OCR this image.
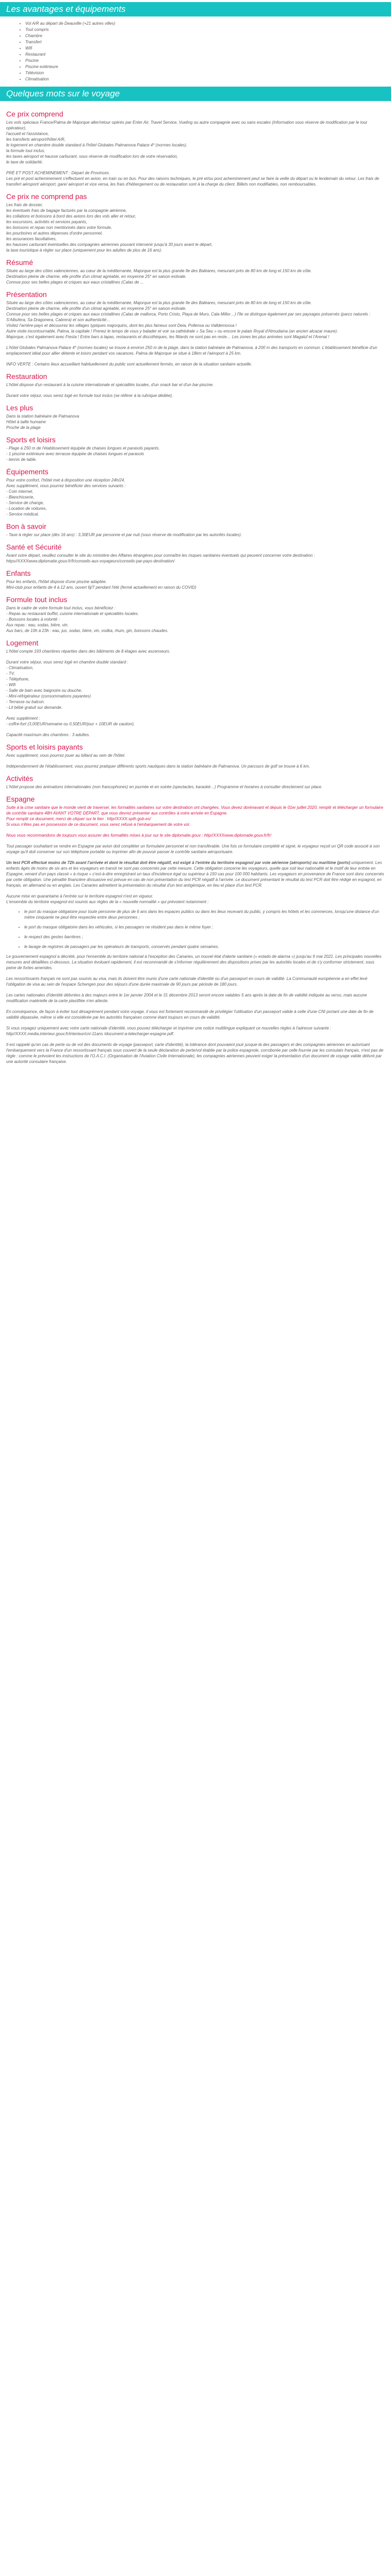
Les avantages et équipements
• Vol A/R au départ de Deauville (+21 autres villes)
• Tout compris
• Chambre
• Transfert
• Wifi
• Restaurant
• Piscine
• Piscine extérieure
• Télévision
• Climatisation
Quelques mots sur le voyage
Ce prix comprend

Les vols spéciaux France/Palma de Majorque aller/retour opérés par Enter Air, Travel Service, Vueling ou autre compagnie avec ou sans escales (Information sous réserve de modification par le tour opérateur),
l'accueil et l'assistance,
les transferts aéroport/hôtel A/R,
le logement en chambre double standard à l'hôtel Globales Palmanova Palace 4* (normes locales),
la formule tout inclus,
les taxes aéroport et hausse carburant, sous réserve de modification lors de votre réservation,
le taxe de solidarité.

PRÉ ET POST ACHEMINEMENT : Départ de Provinces.
Les pré et post acheminement s'effectuent en avion, en train ou en bus. Pour des raisons techniques, le pré et/ou post acheminement peut se faire la veille du départ ou le lendemain du retour. Les frais de transfert aéroport/ aéroport, gare/ aéroport et vice versa, les frais d'hébergement ou de restauration sont à la charge du client. Billets non modifiables, non remboursables.

Ce prix ne comprend pas

Les frais de dossier,
les éventuels frais de bagage facturés par la compagnie aérienne,
les collations et boissons à bord des avions lors des vols aller et retour,
les excursions, activités et services payants,
les boissons et repas non mentionnés dans votre formule,
les pourboires et autres dépenses d'ordre personnel,
les assurances facultatives,
les hausses carburant éventuelles des compagnies aériennes pouvant intervenir jusqu'à 30 jours avant le départ,
la taxe touristique à régler sur place (uniquement pour les adultes de plus de 16 ans).

Résumé

Située au large des côtes valenciennes, au cœur de la méditerranée, Majorque est la plus grande île des Baléares, mesurant près de 80 km de long et 150 km de côte.
Destination pleine de charme, elle profite d'un climat agréable, en moyenne 25° en saison estivale.
Connue pour ses belles plages et criques aux eaux cristallines (Calas de ...

Présentation

Située au large des côtes valenciennes, au cœur de la méditerranée, Majorque est la plus grande île des Baléares, mesurant près de 80 km de long et 150 km de côte.
Destination pleine de charme, elle profite d'un climat agréable, en moyenne 25° en saison estivale.
Connue pour ses belles plages et criques aux eaux cristallines (Calas de mallorca, Porto Cristo, Playa de Muro, Cala Millor…) l'île se distingue également par ses paysages préservés (parcs naturels : S'Albufera, Sa Dragonera, Cabrera) et son authenticité…
Visitez l'arrière-pays et découvrez les villages typiques majorquins, dont les plus fameux sont Deia, Pollensa ou Valldemossa !
Autre visite incontournable, Palma, la capitale ! Prenez le temps de vous y balader et voir sa cathédrale « Sa Seu » ou encore le palais Royal d'Almudaina (an ancien alcazar maure).
Majorque, c'est également avec Fiesta ! Entre bars à tapas, restaurants et discothèques, les fêtards ne sont pas en reste… Les zones les plus animées sont Magaluf et l'Arenal !

L'hôtel Globales Palmanova Palace 4* (normes locales) se trouve à environ 250 m de la plage, dans la station balnéaire de Palmanova, à 200 m des transports en commun. L'établissement bénéficie d'un emplacement idéal pour allier détente et loisirs pendant vos vacances. Palma de Majorque se situe à 18km et l'aéroport à 25 km.

INFO VERTE : Certains lieux accueillant habituellement du public sont actuellement fermés, en raison de la situation sanitaire actuelle.

Restauration

L'hôtel dispose d'un restaurant à la cuisine internationale et spécialités locales, d'un snack bar et d'un bar-piscine.

Durant votre séjour, vous serez logé en formule tout inclus (se référer à la rubrique dédiée).

Les plus

Dans la station balnéaire de Palmanova
Hôtel à taille humaine
Proche de la plage

Sports et loisirs

- Plage à 250 m de l'établissement équipée de chaises longues et parasols payants.
- 1 piscine extérieure avec terrasse équipée de chaises longues et parasols
- tennis de table.

Équipements

Pour votre confort, l'hôtel met à disposition une réception 24h/24.
Avec supplément, vous pourrez bénéficier des services suivants :
- Coin internet,
- Blanchisserie,
- Service de change,
- Location de voitures,
- Service médical.

Bon à savoir

- Taxe à régler sur place (dès 16 ans) : 3,30EUR par personne et par nuit (sous réserve de modification par les autorités locales).

Santé et Sécurité

Avant votre départ, veuillez consulter le site du ministère des Affaires étrangères pour connaître les risques sanitaires éventuels qui peuvent concerner votre destination : https//XXXXwww.diplomatie.gouv.fr/fr/conseils-aux-voyageurs/conseils-par-pays-destination/

Enfants

Pour les enfants, l'hôtel dispose d'une piscine adaptée.
Mini-club pour enfants de 4 à 12 ans, ouvert 6j/7 pendant l'été (fermé actuellement en raison du COVID)

Formule tout inclus

Dans le cadre de votre formule tout inclus, vous bénéficiez :
- Repas au restaurant buffet, cuisine internationale et spécialités locales.
- Boissons locales à volonté :
Aux repas : eau, sodas, bière, vin.
Aux bars, de 10h à 23h : eau, jus, sodas, bière, vin, vodka, rhum, gin, boissons chaudes.

Logement

L'hôtel compte 193 chambres réparties dans des bâtiments de 8 étages avec ascenseurs.

Durant votre séjour, vous serez logé en chambre double standard :
- Climatisation,
- TV,
- Téléphone,
- Wifi
- Salle de bain avec baignoire ou douche,
- Mini-réfrigérateur (consommations payantes)
- Terrasse ou balcon.
- Lit bébé gratuit sur demande.

Avec supplément :
- coffre-fort (3,00EUR/semaine ou 0,50EUR/jour + 10EUR de caution).

Capacité maximum des chambres : 3 adultes.

Sports et loisirs payants

Avec supplément, vous pourrez jouer au billard au sein de l'hôtel.

Indépendamment de l'établissement, vous pourrez pratiquer différents sports nautiques dans la station balnéaire de Palmanova. Un parcours de golf se trouve à 6 km.

Activités

L'hôtel propose des animations internationales (non francophones) en journée et en soirée (spectacles, karaoké…) Programme et horaires à consulter directement sur place.

Espagne

Suite à la crise sanitaire que le monde vient de traverser, les formalités sanitaires sur votre destination ont changées. Vous devez dorénavant et depuis le 01er juillet 2020, remplir et télécharger un formulaire de contrôle sanitaire 48H AVANT VOTRE DÉPART, que vous devrez présenter aux contrôles à votre arrivée en Espagne.
Pour remplir ce document, merci de cliquer sur le lien : http//XXXX.spth.gob.es/
Si vous n'êtes pas en possession de ce document, vous serez refusé à l'embarquement de votre vol.

Nous vous recommandons de toujours vous assurer des formalités mises à jour sur le site diplomatie.gouv : http//XXXXwww.diplomatie.gouv.fr/fr/

Tout passager souhaitant se rendre en Espagne par avion doit compléter un formulaire personnel et non transférable. Une fois ce formulaire complété et signé, le voyageur reçoit un QR code associé à son voyage qu'il doit conserver sur son téléphone portable ou imprimer afin de pouvoir passer le contrôle sanitaire aéroportuaire.

Un test PCR effectué moins de 72h avant l'arrivée et dont le résultat doit être négatif, est exigé à l'entrée du territoire espagnol par voie aérienne (aéroports) ou maritime (ports) uniquement. Les enfants âgés de moins de six ans et les voyageurs en transit ne sont pas concernés par cette mesure. Cette obligation concerne les voyageurs, quelle que soit leur nationalité et le motif de leur entrée en Espagne, venant d'un pays classé « à risque » c'est-à-dire enregistrant un taux d'incidence égal ou supérieur à 150 cas pour 100 000 habitants. Les voyageurs en provenance de France sont donc concernés par cette obligation. Une pénalité financière dissuasive est prévue en cas de non présentation du test PCR négatif à l'arrivée. Le document présentant le résultat du test PCR doit être rédigé en espagnol, en français, en allemand ou en anglais. Les Canaries admettent la présentation du résultat d'un test antigénique, en lieu et place d'un test PCR.

Aucune mise en quarantaine à l'entrée sur le territoire espagnol n'est en vigueur.
L'ensemble du territoire espagnol est soumis aux règles de la « nouvelle normalité » qui prévoient notamment :

• le port du masque obligatoire pour toute personne de plus de 6 ans dans les espaces publics ou dans les lieux recevant du public, y compris les hôtels et les commerces, lorsqu'une distance d'un mètre cinquante ne peut être respectée entre deux personnes ;
• le port du masque obligatoire dans les véhicules, si les passagers ne résident pas dans le même foyer ;
• le respect des gestes barrières ;
• le lavage de registres de passagers par les opérateurs de transports, conservés pendant quatre semaines.

Le gouvernement espagnol a décrété, pour l'ensemble du territoire national à l'exception des Canaries, un nouvel état d'alerte sanitaire (« estado de alarma ») jusqu'au 9 mai 2021. Les principales nouvelles mesures and détaillées ci-dessous. La situation évoluant rapidement, il est recommandé de s'informer régulièrement des dispositions prises par les autorités locales et de s'y conformer strictement, sous peine de fortes amendes.

Les ressortissants français ne sont pas soumis au visa, mais ils doivent être munis d'une carte nationale d'identité ou d'un passeport en cours de validité. La Communauté européenne a en effet levé l'obligation de visa au sein de l'espace Schengen pour des séjours d'une durée maximale de 90 jours par période de 180 jours.

Les cartes nationales d'identité délivrées à des majeurs entre le 1er janvier 2004 et le 31 décembre 2013 seront encore valables 5 ans après la date de fin de validité indiquée au verso, mais aucune modification matérielle de la carte plastifiée n'en atteste.

En conséquence, de façon à éviter tout désagrément pendant votre voyage, il vous est fortement recommandé de privilégier l'utilisation d'un passeport valide à celle d'une CNI portant une date de fin de validité dépassée, même si elle est considérée par les autorités françaises comme étant toujours en cours de validité.

Si vous voyagez uniquement avec votre carte nationale d'identité, vous pouvez télécharger et imprimer une notice multilingue expliquant ce nouvelles règles à l'adresse suivante : http//XXXX.media.interieur.gouv.fr/interieur/cni-11ans /document-a-telecharger-espagne.pdf.

Il est rappelé qu'en cas de perte ou de vol des documents de voyage (passeport, carte d'identité), la tolérance dont pouvaient jouir jusque-là des passagers et des compagnies aériennes en autorisant l'embarquement vers la France d'un ressortissant français sous couvert de la seule déclaration de perte/vol établie par la police espagnole, corroborée par celle fournie par les consulats français, n'est pas de règle : comme le prévoient les instructions de l'O.A.C.I. (Organisation de l'Aviation Civile Internationale), les compagnies aériennes peuvent exiger la présentation d'un document de voyage valide délivré par une autorité consulaire française.
